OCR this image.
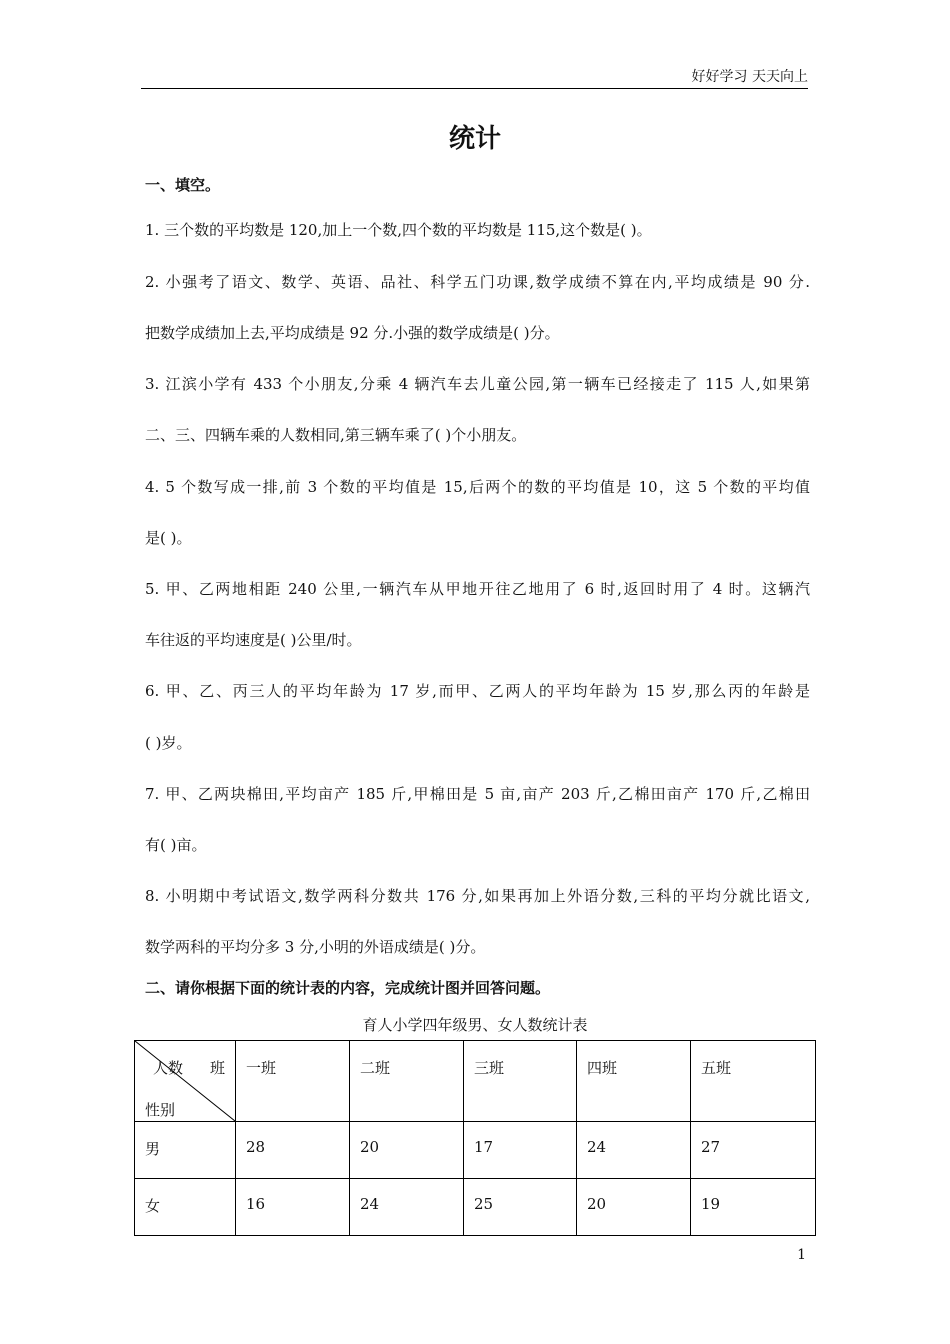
好好学习 天天向上
统计
一、填空。
1. 三个数的平均数是 120,加上一个数,四个数的平均数是 115,这个数是( )。
2. 小强考了语文、数学、英语、品社、科学五门功课,数学成绩不算在内,平均成绩是 90 分.
把数学成绩加上去,平均成绩是 92 分.小强的数学成绩是( )分。
3. 江滨小学有 433 个小朋友,分乘 4 辆汽车去儿童公园,第一辆车已经接走了 115 人,如果第
二、三、四辆车乘的人数相同,第三辆车乘了( )个小朋友。
4. 5 个数写成一排,前 3 个数的平均值是 15,后两个的数的平均值是 10，这 5 个数的平均值
是( )。
5. 甲、乙两地相距 240 公里,一辆汽车从甲地开往乙地用了 6 时,返回时用了 4 时。这辆汽
车往返的平均速度是( )公里/时。
6. 甲、乙、丙三人的平均年龄为 17 岁,而甲、乙两人的平均年龄为 15 岁,那么丙的年龄是
( )岁。
7. 甲、乙两块棉田,平均亩产 185 斤,甲棉田是 5 亩,亩产 203 斤,乙棉田亩产 170 斤,乙棉田
有( )亩。
8. 小明期中考试语文,数学两科分数共 176 分,如果再加上外语分数,三科的平均分就比语文,
数学两科的平均分多 3 分,小明的外语成绩是( )分。
二、请你根据下面的统计表的内容，完成统计图并回答问题。
育人小学四年级男、女人数统计表
人数 班
性别	一班	二班	三班	四班	五班
男	28	20	17	24	27
女	16	24	25	20	19
1
